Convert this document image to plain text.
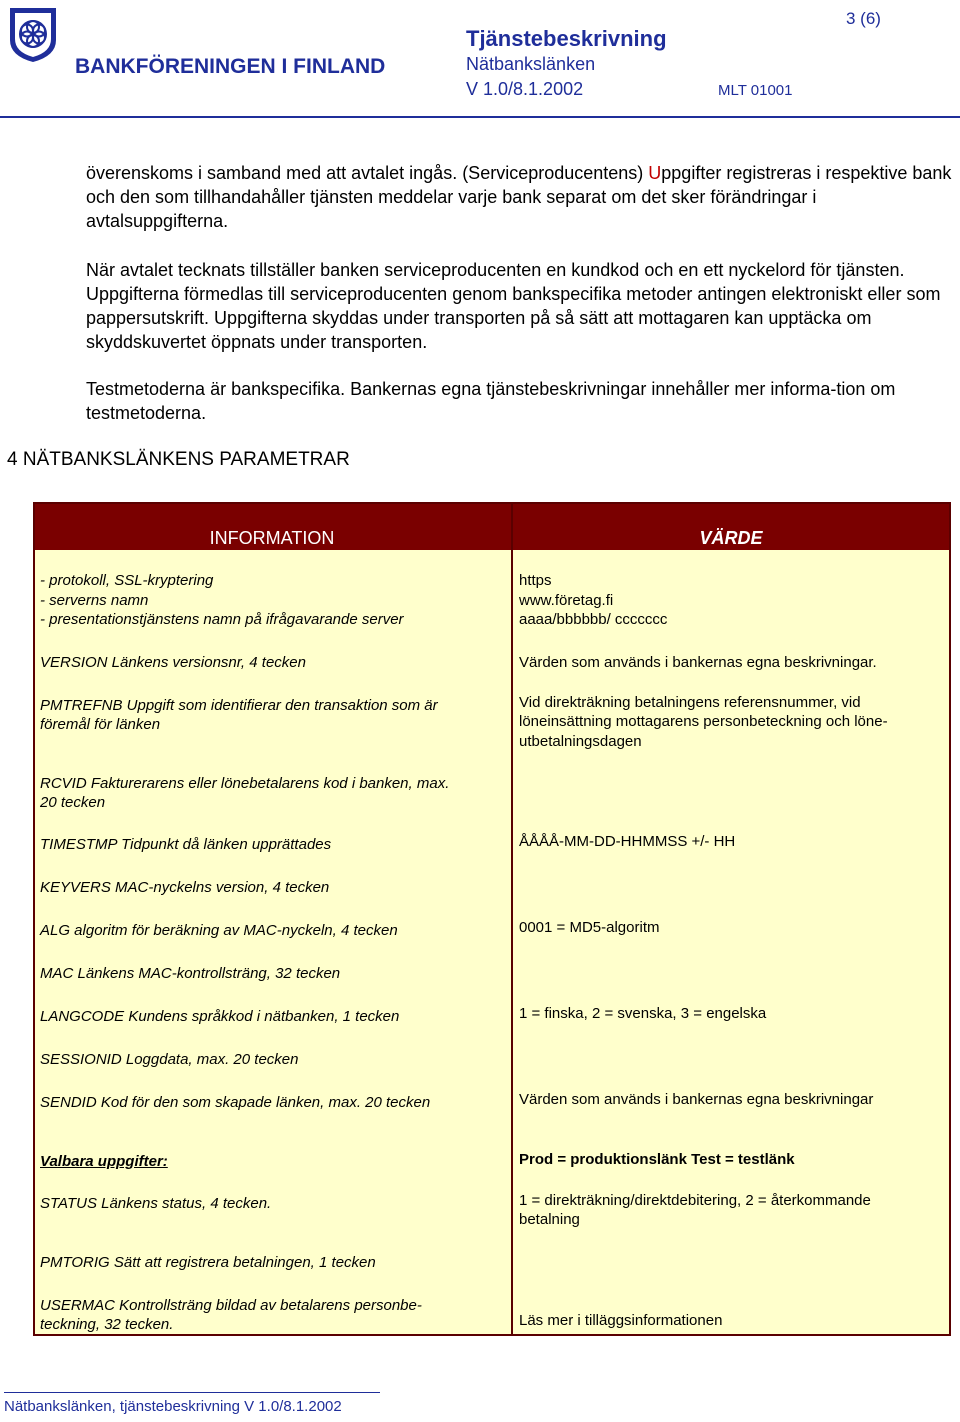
BANKFÖRENINGEN I FINLAND
Tjänstebeskrivning
Nätbankslänken
V 1.0/8.1.2002	MLT 01001
3 (6)

överenskoms i samband med att avtalet ingås. (Serviceproducentens) Uppgifter registreras i respektive bank och den som tillhandahåller tjänsten meddelar varje bank separat om det sker förändringar i avtalsuppgifterna.

När avtalet tecknats tillställer banken serviceproducenten en kundkod och en ett nyckelord för tjänsten. Uppgifterna förmedlas till serviceproducenten genom bankspecifika metoder antingen elektroniskt eller som pappersutskrift. Uppgifterna skyddas under transporten på så sätt att mottagaren kan upptäcka om skyddskuvertet öppnats under transporten.

Testmetoderna är bankspecifika. Bankernas egna tjänstebeskrivningar innehåller mer informa-tion om testmetoderna.

4 NÄTBANKSLÄNKENS PARAMETRAR
INFORMATION	VÄRDE
- protokoll, SSL-kryptering
- serverns namn
- presentationstjänstens namn på ifrågavarande server
VERSION Länkens versionsnr, 4 tecken
PMTREFNB Uppgift som identifierar den transaktion som är
föremål för länken
RCVID Fakturerarens eller lönebetalarens kod i banken, max.
20 tecken
TIMESTMP Tidpunkt då länken upprättades
KEYVERS MAC-nyckelns version, 4 tecken
ALG algoritm för beräkning av MAC-nyckeln, 4 tecken
MAC Länkens MAC-kontrollsträng, 32 tecken
LANGCODE Kundens språkkod i nätbanken, 1 tecken
SESSIONID Loggdata, max. 20 tecken
SENDID Kod för den som skapade länken, max. 20 tecken
Valbara uppgifter:
STATUS Länkens status, 4 tecken.
PMTORIG Sätt att registrera betalningen, 1 tecken
USERMAC Kontrollsträng bildad av betalarens personbe-
teckning, 32 tecken.
https
www.företag.fi
aaaa/bbbbbb/ ccccccc
Värden som används i bankernas egna beskrivningar.
Vid direkträkning betalningens referensnummer, vid
löneinsättning mottagarens personbeteckning och löne-
utbetalningsdagen
ÅÅÅÅ-MM-DD-HHMMSS +/- HH
0001 = MD5-algoritm
1 = finska, 2 = svenska, 3 = engelska
Värden som används i bankernas egna beskrivningar
Prod = produktionslänk Test = testlänk
1 = direkträkning/direktdebitering, 2 = återkommande
betalning
Läs mer i tilläggsinformationen
Nätbankslänken, tjänstebeskrivning V 1.0/8.1.2002
